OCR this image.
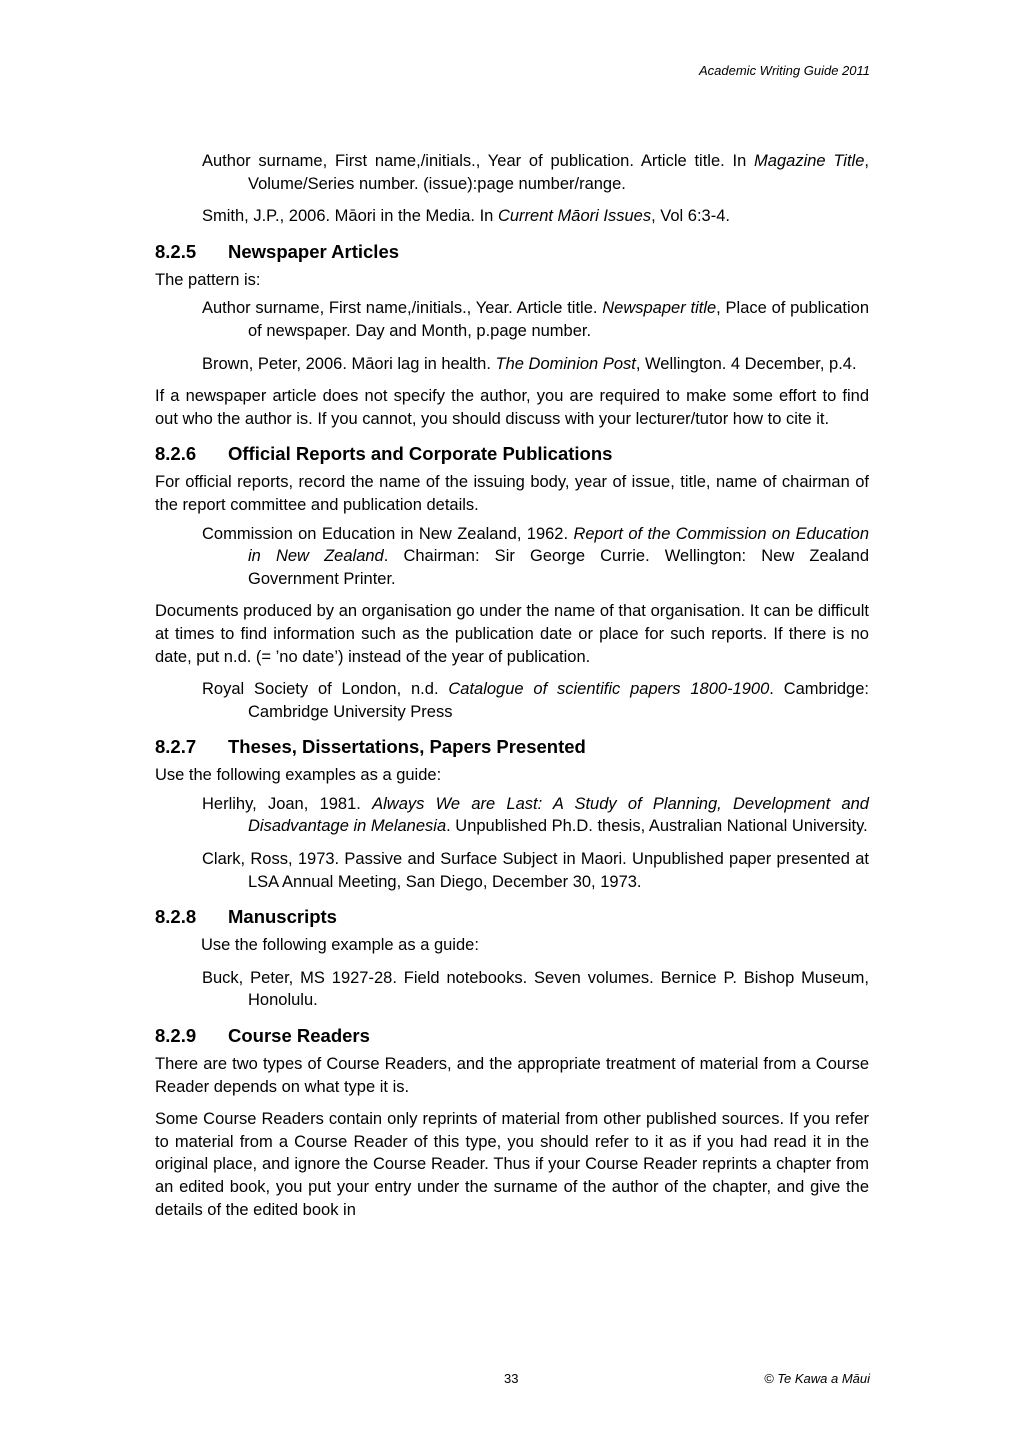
Academic Writing Guide 2011

Author surname, First name,/initials., Year of publication. Article title. In Magazine Title, Volume/Series number. (issue):page number/range.

Smith, J.P., 2006. Māori in the Media. In Current Māori Issues, Vol 6:3-4.

8.2.5 Newspaper Articles

The pattern is:

Author surname, First name,/initials., Year. Article title. Newspaper title, Place of publication of newspaper. Day and Month, p.page number.

Brown, Peter, 2006. Māori lag in health. The Dominion Post, Wellington. 4 December, p.4.

If a newspaper article does not specify the author, you are required to make some effort to find out who the author is. If you cannot, you should discuss with your lecturer/tutor how to cite it.

8.2.6 Official Reports and Corporate Publications

For official reports, record the name of the issuing body, year of issue, title, name of chairman of the report committee and publication details.

Commission on Education in New Zealand, 1962. Report of the Commission on Education in New Zealand. Chairman: Sir George Currie. Wellington: New Zealand Government Printer.

Documents produced by an organisation go under the name of that organisation. It can be difficult at times to find information such as the publication date or place for such reports. If there is no date, put n.d. (= ’no date’) instead of the year of publication.

Royal Society of London, n.d. Catalogue of scientific papers 1800-1900. Cambridge: Cambridge University Press

8.2.7 Theses, Dissertations, Papers Presented

Use the following examples as a guide:

Herlihy, Joan, 1981. Always We are Last: A Study of Planning, Development and Disadvantage in Melanesia. Unpublished Ph.D. thesis, Australian National University.

Clark, Ross, 1973. Passive and Surface Subject in Maori. Unpublished paper presented at LSA Annual Meeting, San Diego, December 30, 1973.

8.2.8 Manuscripts

Use the following example as a guide:

Buck, Peter, MS 1927-28. Field notebooks. Seven volumes. Bernice P. Bishop Museum, Honolulu.

8.2.9 Course Readers

There are two types of Course Readers, and the appropriate treatment of material from a Course Reader depends on what type it is.

Some Course Readers contain only reprints of material from other published sources. If you refer to material from a Course Reader of this type, you should refer to it as if you had read it in the original place, and ignore the Course Reader. Thus if your Course Reader reprints a chapter from an edited book, you put your entry under the surname of the author of the chapter, and give the details of the edited book in

33	© Te Kawa a Māui
